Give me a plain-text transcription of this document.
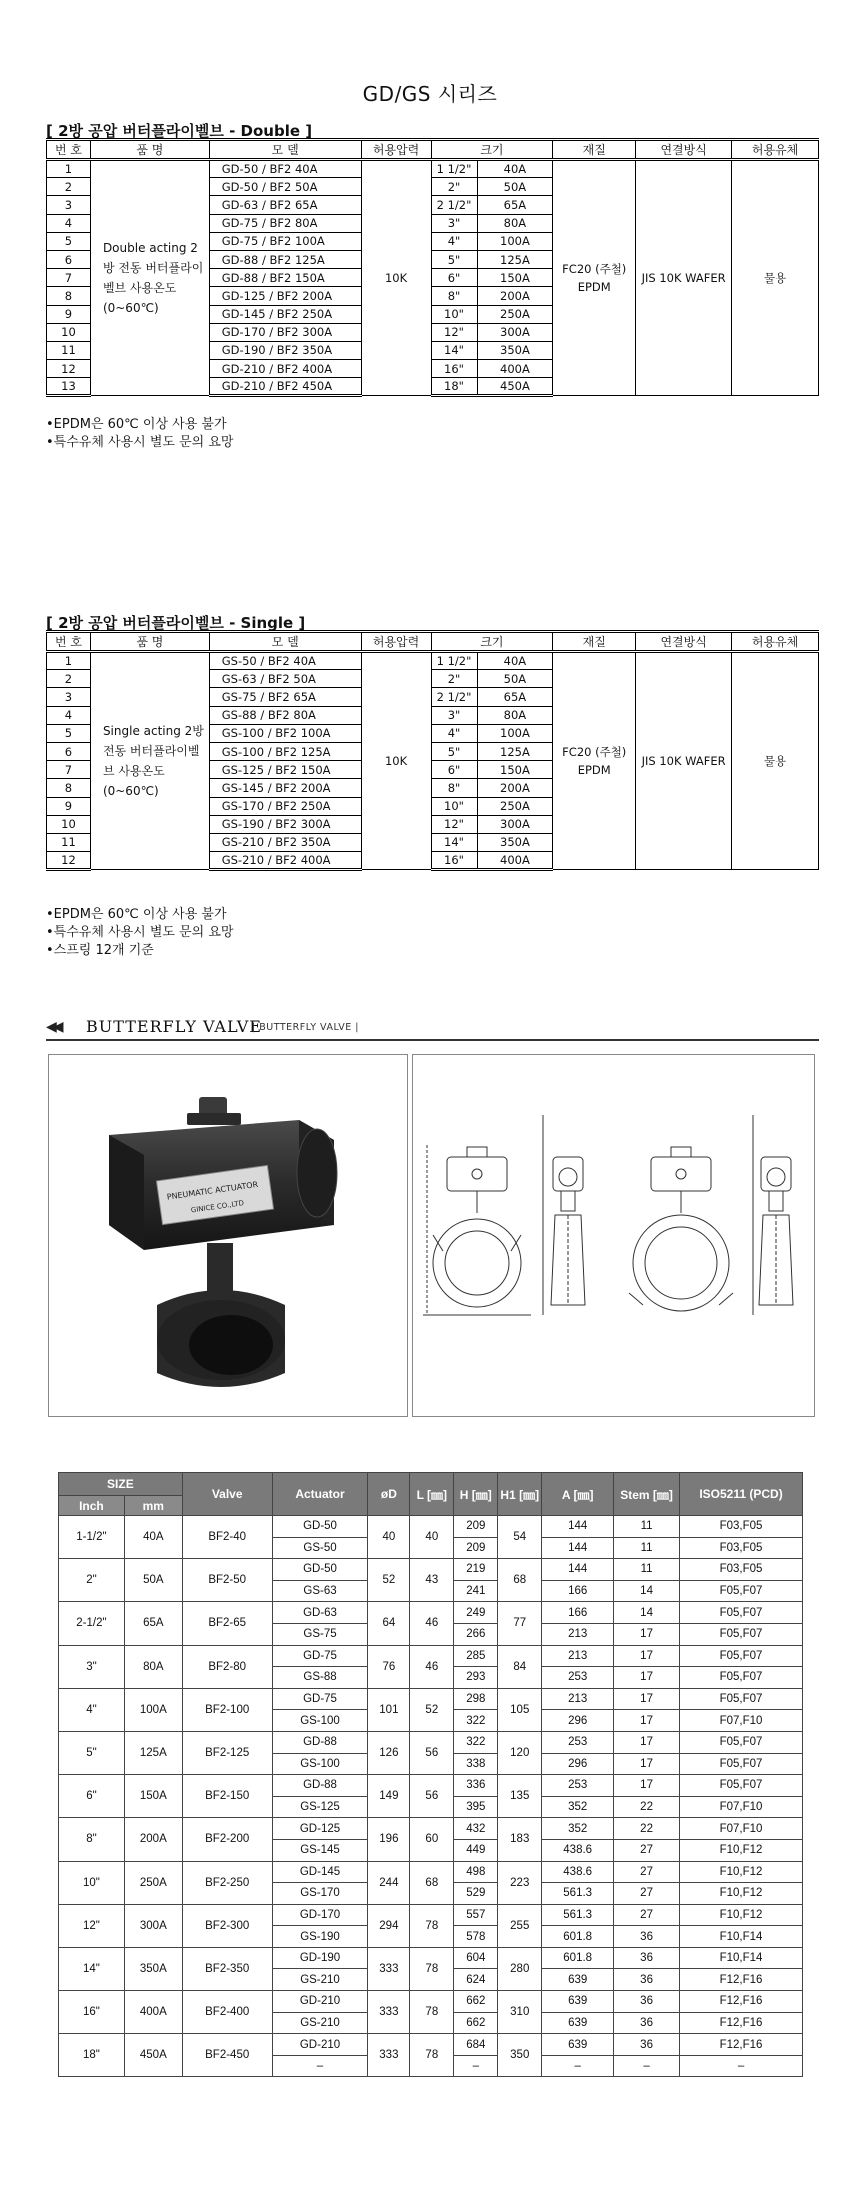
GD/GS 시리즈
[ 2방 공압 버터플라이벨브 - Double ]
번 호	품 명	모 델	허용압력	크기		재질	연결방식	허용유체
1	Double acting 2방 전동 버터플라이벨브 사용온도 (0~60℃)	GD-50 / BF2 40A	10K	1 1/2"	40A	FC20 (주철) EPDM	JIS 10K WAFER	물용
2		GD-50 / BF2 50A		2"	50A			
3		GD-63 / BF2 65A		2 1/2"	65A			
4		GD-75 / BF2 80A		3"	80A			
5		GD-75 / BF2 100A		4"	100A			
6		GD-88 / BF2 125A		5"	125A			
7		GD-88 / BF2 150A		6"	150A			
8		GD-125 / BF2 200A		8"	200A			
9		GD-145 / BF2 250A		10"	250A			
10		GD-170 / BF2 300A		12"	300A			
11		GD-190 / BF2 350A		14"	350A			
12		GD-210 / BF2 400A		16"	400A			
13		GD-210 / BF2 450A		18"	450A			
•EPDM은 60℃ 이상 사용 불가
•특수유체 사용시 별도 문의 요망
[ 2방 공압 버터플라이벨브 - Single ]
번 호	품 명	모 델	허용압력	크기		재질	연결방식	허용유체
1	Single acting 2방 전동 버터플라이벨브 사용온도 (0~60℃)	GS-50 / BF2 40A	10K	1 1/2"	40A	FC20 (주철) EPDM	JIS 10K WAFER	물용
2		GS-63 / BF2 50A		2"	50A			
3		GS-75 / BF2 65A		2 1/2"	65A			
4		GS-88 / BF2 80A		3"	80A			
5		GS-100 / BF2 100A		4"	100A			
6		GS-100 / BF2 125A		5"	125A			
7		GS-125 / BF2 150A		6"	150A			
8		GS-145 / BF2 200A		8"	200A			
9		GS-170 / BF2 250A		10"	250A			
10		GS-190 / BF2 300A		12"	300A			
11		GS-210 / BF2 350A		14"	350A			
12		GS-210 / BF2 400A		16"	400A			
•EPDM은 60℃ 이상 사용 불가
•특수유체 사용시 별도 문의 요망
•스프링 12개 기준
◀◀ BUTTERFLY VALVE
| BUTTERFLY VALVE |
PNEUMATIC ACTUATOR
GINICE CO.,LTD
SIZE		Valve	Actuator	øD	L [㎜]	H [㎜]	H1 [㎜]	A [㎜]	Stem [㎜]	ISO5211 (PCD)
Inch	mm									
1-1/2"	40A	BF2-40	GD-50	40	40	209	54	144	11	F03,F05
			GS-50			209		144	11	F03,F05
2"	50A	BF2-50	GD-50	52	43	219	68	144	11	F03,F05
			GS-63			241		166	14	F05,F07
2-1/2"	65A	BF2-65	GD-63	64	46	249	77	166	14	F05,F07
			GS-75			266		213	17	F05,F07
3"	80A	BF2-80	GD-75	76	46	285	84	213	17	F05,F07
			GS-88			293		253	17	F05,F07
4"	100A	BF2-100	GD-75	101	52	298	105	213	17	F05,F07
			GS-100			322		296	17	F07,F10
5"	125A	BF2-125	GD-88	126	56	322	120	253	17	F05,F07
			GS-100			338		296	17	F05,F07
6"	150A	BF2-150	GD-88	149	56	336	135	253	17	F05,F07
			GS-125			395		352	22	F07,F10
8"	200A	BF2-200	GD-125	196	60	432	183	352	22	F07,F10
			GS-145			449		438.6	27	F10,F12
10"	250A	BF2-250	GD-145	244	68	498	223	438.6	27	F10,F12
			GS-170			529		561.3	27	F10,F12
12"	300A	BF2-300	GD-170	294	78	557	255	561.3	27	F10,F12
			GS-190			578		601.8	36	F10,F14
14"	350A	BF2-350	GD-190	333	78	604	280	601.8	36	F10,F14
			GS-210			624		639	36	F12,F16
16"	400A	BF2-400	GD-210	333	78	662	310	639	36	F12,F16
			GS-210			662		639	36	F12,F16
18"	450A	BF2-450	GD-210	333	78	684	350	639	36	F12,F16
			–			–		–	–	–
